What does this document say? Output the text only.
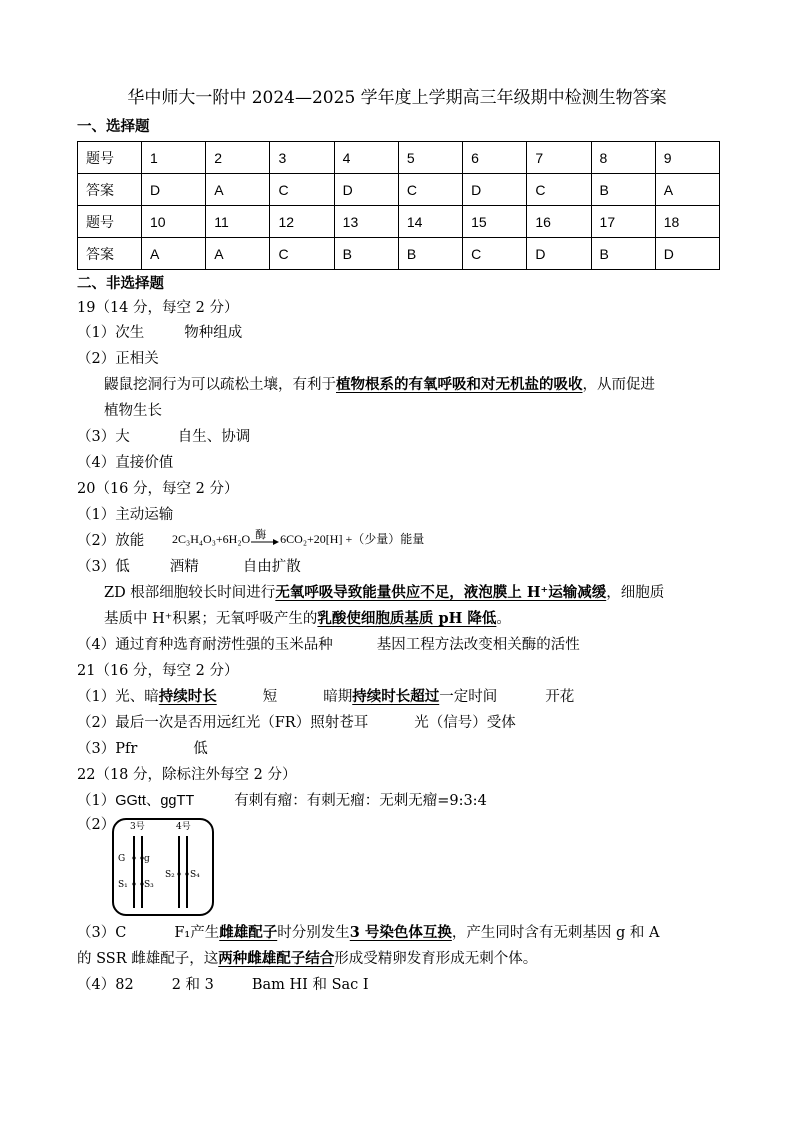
华中师大一附中 2024—2025 学年度上学期高三年级期中检测生物答案
一、选择题
题号	1	2	3	4	5	6	7	8	9
答案	D	A	C	D	C	D	C	B	A
题号	10	11	12	13	14	15	16	17	18
答案	A	A	C	B	B	C	D	B	D
二、非选择题
19（14 分，每空 2 分）
（1）次生	物种组成
（2）正相关
鼹鼠挖洞行为可以疏松土壤，有利于植物根系的有氧呼吸和对无机盐的吸收，从而促进
植物生长
（3）大	自生、协调
（4）直接价值
20（16 分，每空 2 分）
（1）主动运输
（2）放能 2C₃H₄O₃+6H₂O 酶 6CO₂+20[H] +（少量）能量
（3）低	酒精	自由扩散
ZD 根部细胞较长时间进行无氧呼吸导致能量供应不足，液泡膜上 H⁺运输减缓，细胞质
基质中 H⁺积累；无氧呼吸产生的乳酸使细胞质基质 pH 降低。
（4）通过育种选育耐涝性强的玉米品种	基因工程方法改变相关酶的活性
21（16 分，每空 2 分）
（1）光、暗持续时长	短	暗期持续时长超过一定时间	开花
（2）最后一次是否用远红光（FR）照射苍耳	光（信号）受体
（3）Pfr	低
22（18 分，除标注外每空 2 分）
（1）GGtt、ggTT	有刺有瘤：有刺无瘤：无刺无瘤=9:3:4
（2） 3号	4号
G g
S₁ S₃
S₂ S₄
（3）C	F₁产生雌雄配子时分别发生3 号染色体互换，产生同时含有无刺基因 g 和 A
的 SSR 雌雄配子，这两种雌雄配子结合形成受精卵发育形成无刺个体。
（4）82	2 和 3	Bam HI 和 Sac I
